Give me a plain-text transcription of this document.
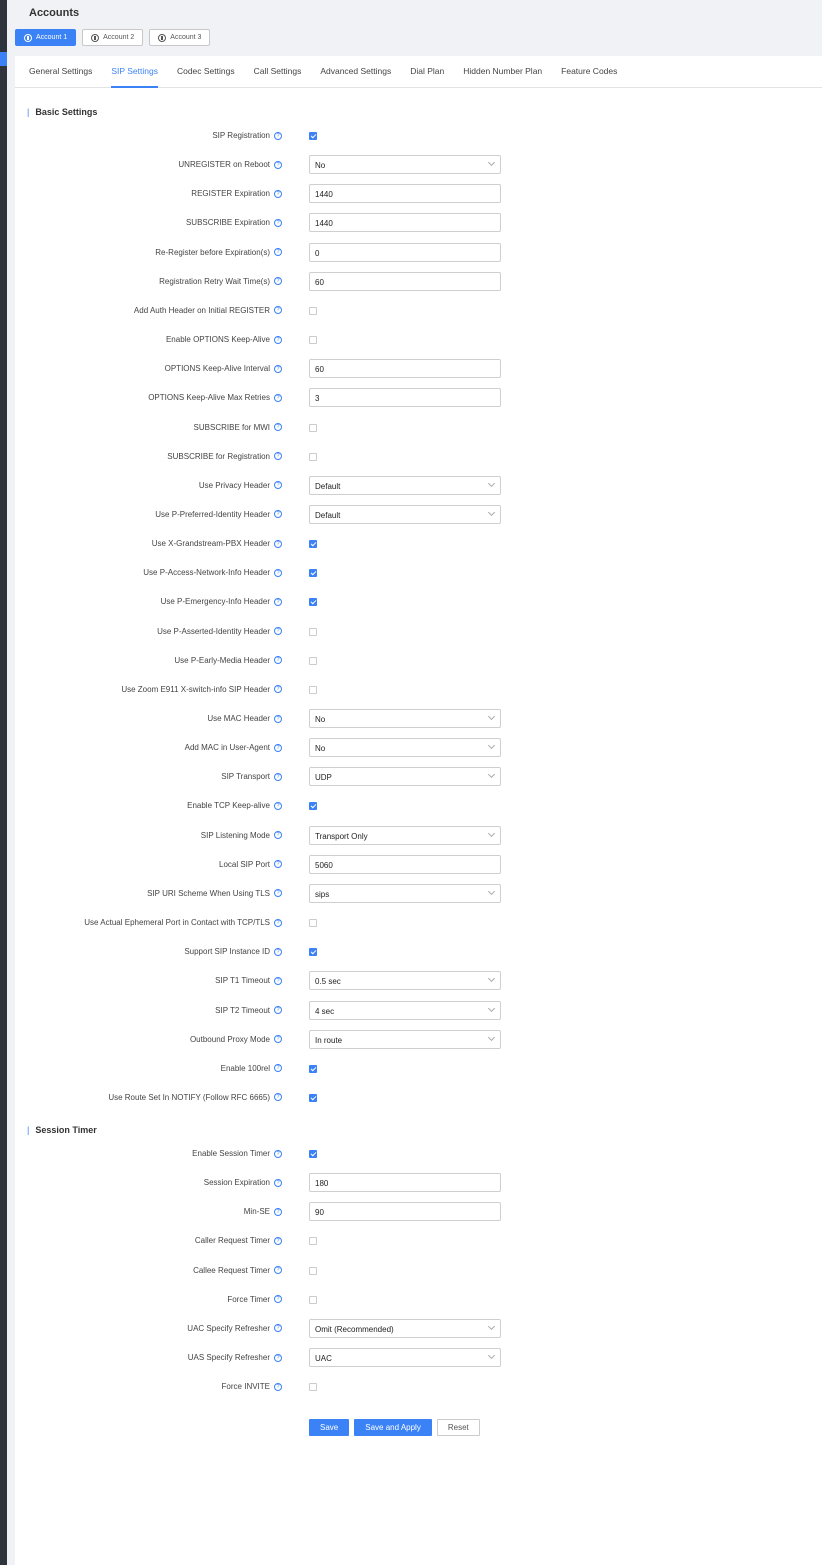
Accounts
Account 1	Account 2	Account 3
General Settings SIP Settings Codec Settings Call Settings Advanced Settings Dial Plan Hidden Number Plan Feature Codes
| Basic Settings
| Session Timer
SIP Registration	?
UNREGISTER on Reboot	?	No
REGISTER Expiration	?	1440
SUBSCRIBE Expiration	?	1440
Re-Register before Expiration(s)	?	0
Registration Retry Wait Time(s)	?	60
Add Auth Header on Initial REGISTER	?
Enable OPTIONS Keep-Alive	?
OPTIONS Keep-Alive Interval	?	60
OPTIONS Keep-Alive Max Retries	?	3
SUBSCRIBE for MWI	?
SUBSCRIBE for Registration	?
Use Privacy Header	?	Default
Use P-Preferred-Identity Header	?	Default
Use X-Grandstream-PBX Header	?
Use P-Access-Network-Info Header	?
Use P-Emergency-Info Header	?
Use P-Asserted-Identity Header	?
Use P-Early-Media Header	?
Use Zoom E911 X-switch-info SIP Header	?
Use MAC Header	?	No
Add MAC in User-Agent	?	No
SIP Transport	?	UDP
Enable TCP Keep-alive	?
SIP Listening Mode	?	Transport Only
Local SIP Port	?	5060
SIP URI Scheme When Using TLS	?	sips
Use Actual Ephemeral Port in Contact with TCP/TLS	?
Support SIP Instance ID	?
SIP T1 Timeout	?	0.5 sec
SIP T2 Timeout	?	4 sec
Outbound Proxy Mode	?	In route
Enable 100rel	?
Use Route Set In NOTIFY (Follow RFC 6665)	?
Enable Session Timer	?
Session Expiration	?	180
Min-SE	?	90
Caller Request Timer	?
Callee Request Timer	?
Force Timer	?
UAC Specify Refresher	?	Omit (Recommended)
UAS Specify Refresher	?	UAC
Force INVITE	?
Save	Save and Apply	Reset
